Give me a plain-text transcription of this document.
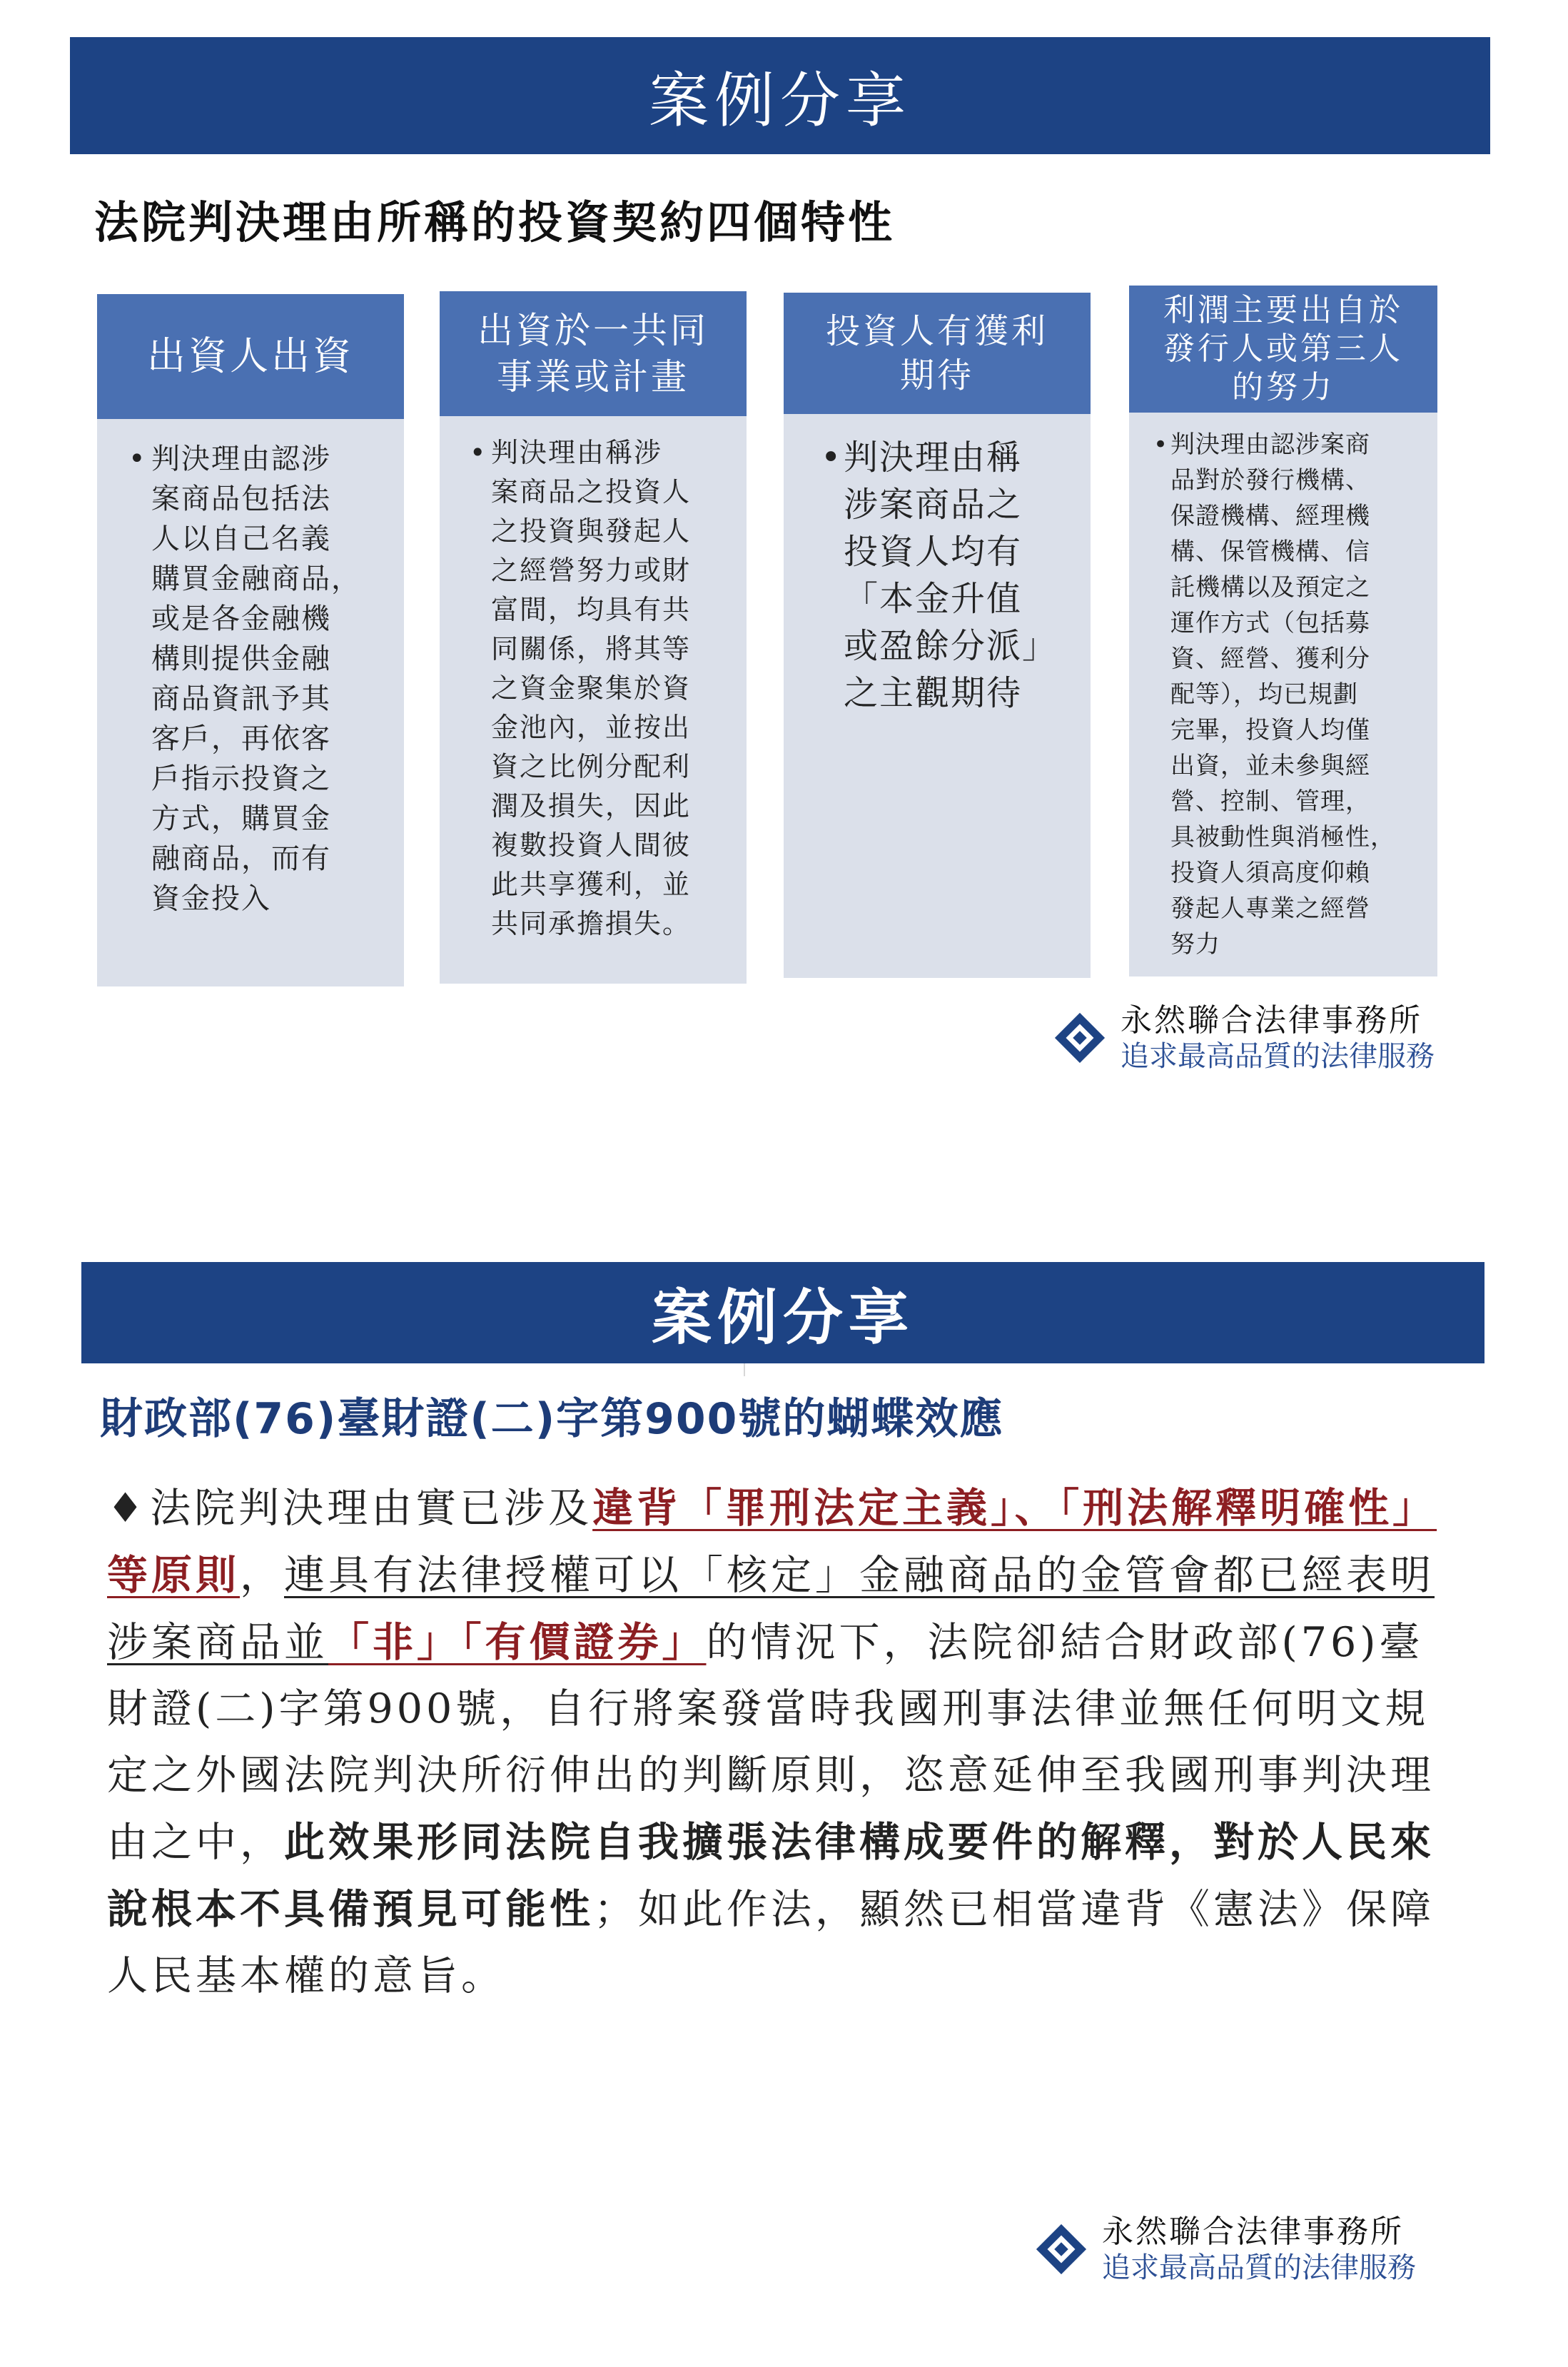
案例分享
法院判決理由所稱的投資契約四個特性
出資人出資
• 判決理由認涉
案商品包括法
人以自己名義
購買金融商品，
或是各金融機
構則提供金融
商品資訊予其
客戶，再依客
戶指示投資之
方式，購買金
融商品，而有
資金投入
出資於一共同
事業或計畫
• 判決理由稱涉
案商品之投資人
之投資與發起人
之經營努力或財
富間，均具有共
同關係，將其等
之資金聚集於資
金池內，並按出
資之比例分配利
潤及損失，因此
複數投資人間彼
此共享獲利，並
共同承擔損失。
投資人有獲利
期待
• 判決理由稱
涉案商品之
投資人均有
「本金升值
或盈餘分派」
之主觀期待
利潤主要出自於
發行人或第三人
的努力
• 判決理由認涉案商
品對於發行機構、
保證機構、經理機
構、保管機構、信
託機構以及預定之
運作方式（包括募
資、經營、獲利分
配等），均已規劃
完畢，投資人均僅
出資，並未參與經
營、控制、管理，
具被動性與消極性，
投資人須高度仰賴
發起人專業之經營
努力
永然聯合法律事務所
追求最高品質的法律服務
案例分享
財政部(76)臺財證(二)字第900號的蝴蝶效應
♦法院判決理由實已涉及違背「罪刑法定主義」、「刑法解釋明確性」等原則，連具有法律授權可以「核定」金融商品的金管會都已經表明涉案商品並「非」「有價證券」的情況下，法院卻結合財政部(76)臺財證(二)字第900號，自行將案發當時我國刑事法律並無任何明文規定之外國法院判決所衍伸出的判斷原則，恣意延伸至我國刑事判決理由之中，此效果形同法院自我擴張法律構成要件的解釋，對於人民來說根本不具備預見可能性；如此作法，顯然已相當違背《憲法》保障人民基本權的意旨。
永然聯合法律事務所
追求最高品質的法律服務
